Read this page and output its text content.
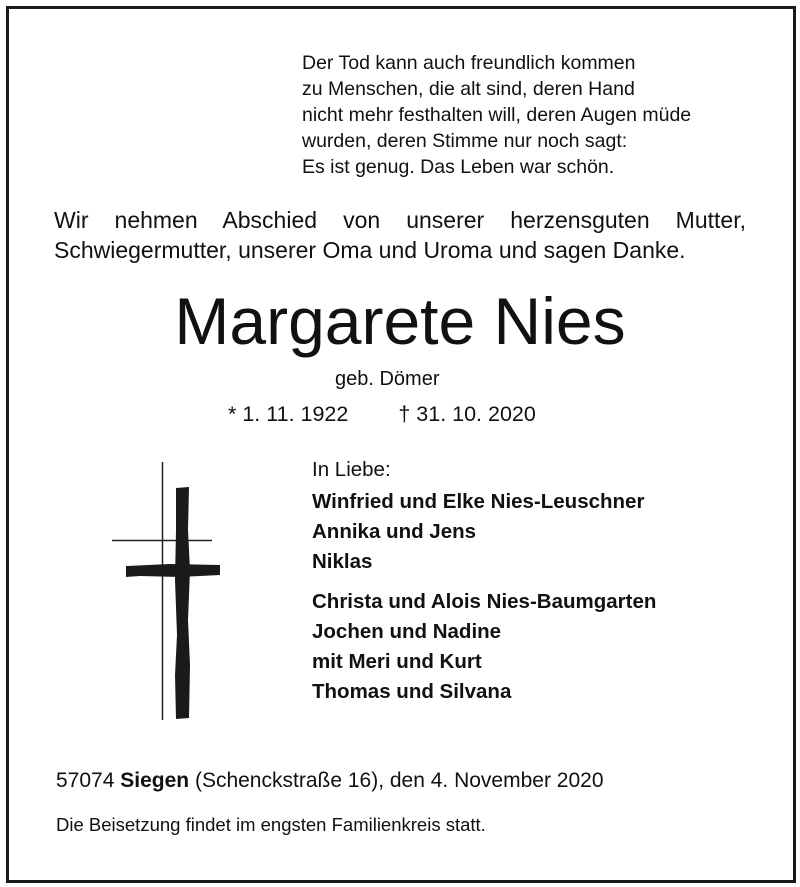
Der Tod kann auch freundlich kommen
zu Menschen, die alt sind, deren Hand
nicht mehr festhalten will, deren Augen müde
wurden, deren Stimme nur noch sagt:
Es ist genug. Das Leben war schön.
Wir nehmen Abschied von unserer herzensguten Mutter,
Schwiegermutter, unserer Oma und Uroma und sagen Danke.
Margarete Nies
geb. Dömer
* 1. 11. 1922 † 31. 10. 2020
In Liebe:
Winfried und Elke Nies-Leuschner
Annika und Jens
Niklas
Christa und Alois Nies-Baumgarten
Jochen und Nadine
mit Meri und Kurt
Thomas und Silvana
57074 Siegen (Schenckstraße 16), den 4. November 2020
Die Beisetzung findet im engsten Familienkreis statt.
